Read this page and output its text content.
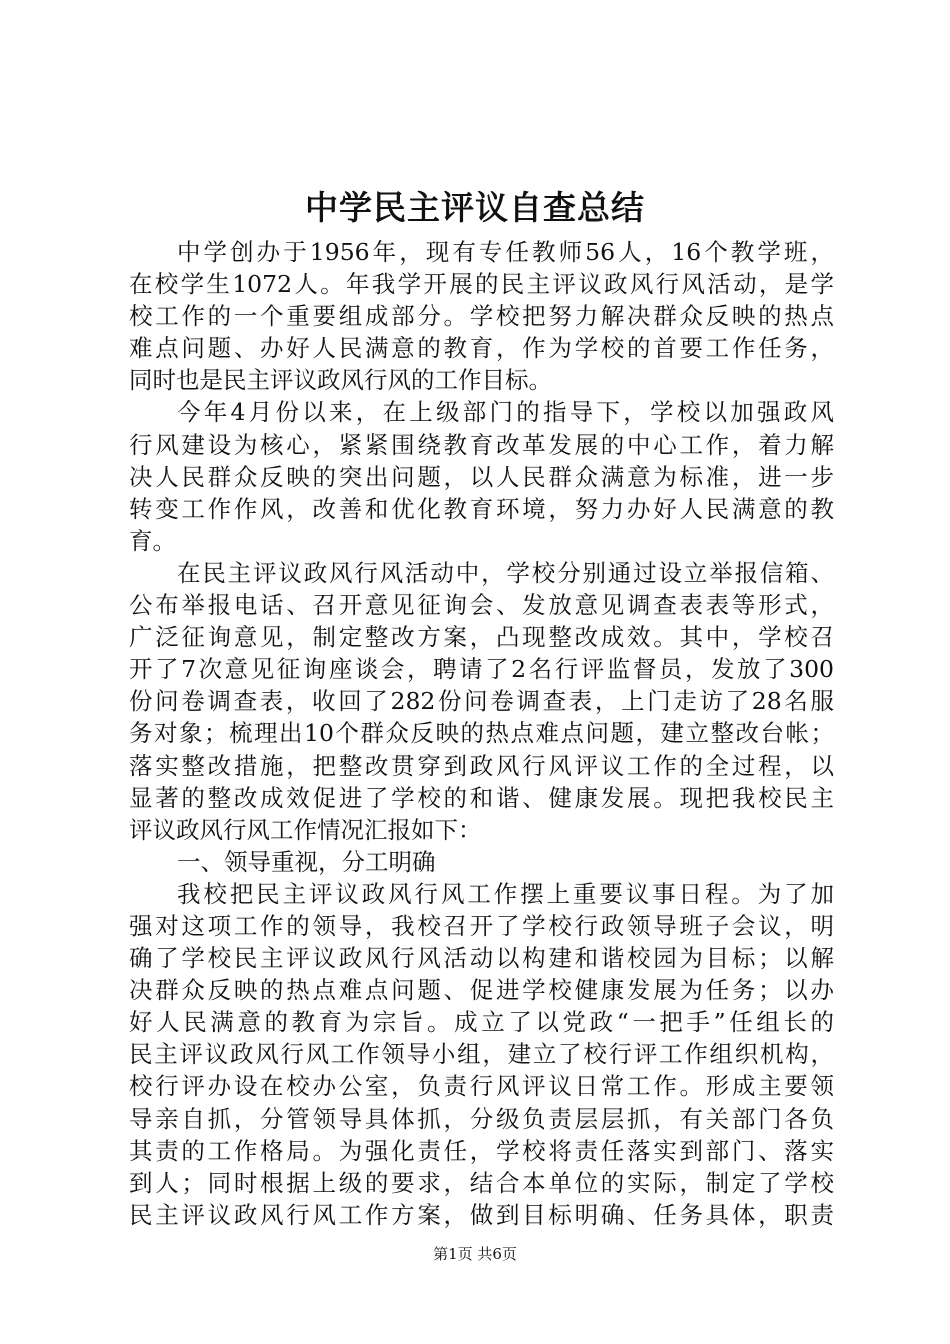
中学民主评议自查总结
中学创办于1956年，现有专任教师56人，16个教学班，
在校学生1072人。年我学开展的民主评议政风行风活动，是学
校工作的一个重要组成部分。学校把努力解决群众反映的热点
难点问题、办好人民满意的教育，作为学校的首要工作任务，
同时也是民主评议政风行风的工作目标。
今年4月份以来，在上级部门的指导下，学校以加强政风
行风建设为核心，紧紧围绕教育改革发展的中心工作，着力解
决人民群众反映的突出问题，以人民群众满意为标准，进一步
转变工作作风，改善和优化教育环境，努力办好人民满意的教
育。
在民主评议政风行风活动中，学校分别通过设立举报信箱、
公布举报电话、召开意见征询会、发放意见调查表表等形式，
广泛征询意见，制定整改方案，凸现整改成效。其中，学校召
开了7次意见征询座谈会，聘请了2名行评监督员，发放了300
份问卷调查表，收回了282份问卷调查表，上门走访了28名服
务对象；梳理出10个群众反映的热点难点问题，建立整改台帐；
落实整改措施，把整改贯穿到政风行风评议工作的全过程，以
显著的整改成效促进了学校的和谐、健康发展。现把我校民主
评议政风行风工作情况汇报如下：
一、领导重视，分工明确
我校把民主评议政风行风工作摆上重要议事日程。为了加
强对这项工作的领导，我校召开了学校行政领导班子会议，明
确了学校民主评议政风行风活动以构建和谐校园为目标；以解
决群众反映的热点难点问题、促进学校健康发展为任务；以办
好人民满意的教育为宗旨。成立了以党政“一把手”任组长的
民主评议政风行风工作领导小组，建立了校行评工作组织机构，
校行评办设在校办公室，负责行风评议日常工作。形成主要领
导亲自抓，分管领导具体抓，分级负责层层抓，有关部门各负
其责的工作格局。为强化责任，学校将责任落实到部门、落实
到人；同时根据上级的要求，结合本单位的实际，制定了学校
民主评议政风行风工作方案，做到目标明确、任务具体，职责
第1页 共6页
